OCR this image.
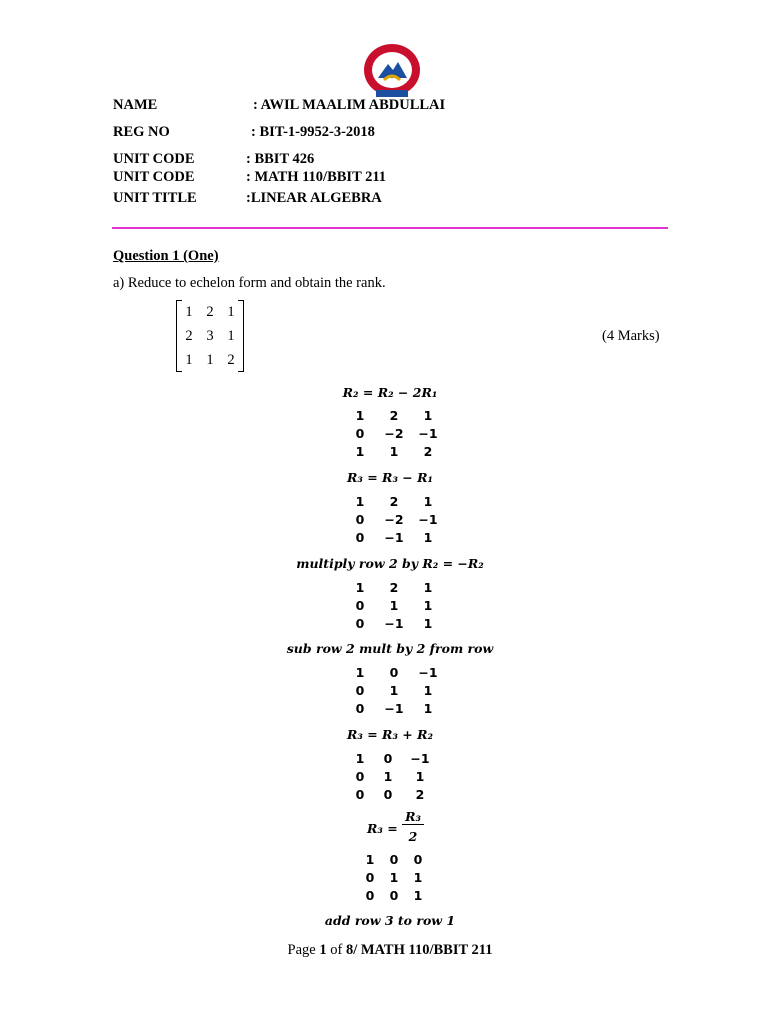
NAME	: AWIL MAALIM ABDULLAI
REG NO	: BIT-1-9952-3-2018
UNIT CODE	: BBIT 426
UNIT CODE	: MATH 110/BBIT 211
UNIT TITLE	:LINEAR ALGEBRA
Question 1 (One)
a) Reduce to echelon form and obtain the rank.
(4 Marks)
1 2 1
2 3 1
1 1 2
R₂ = R₂ − 2R₁
1	2	1
0	−2	−1
1	1	2
R₃ = R₃ − R₁
1	2	1
0	−2	−1
0	−1	1
multiply row 2 by R₂ = −R₂
1	2	1
0	1	1
0	−1	1
sub row 2 mult by 2 from row
1	0	−1
0	1	1
0	−1	1
R₃ = R₃ + R₂
1	0	−1
0	1	1
0	0	2
R₃ =
R₃
2
1	0	0
0	1	1
0	0	1
add row 3 to row 1
Page 1 of 8/ MATH 110/BBIT 211
